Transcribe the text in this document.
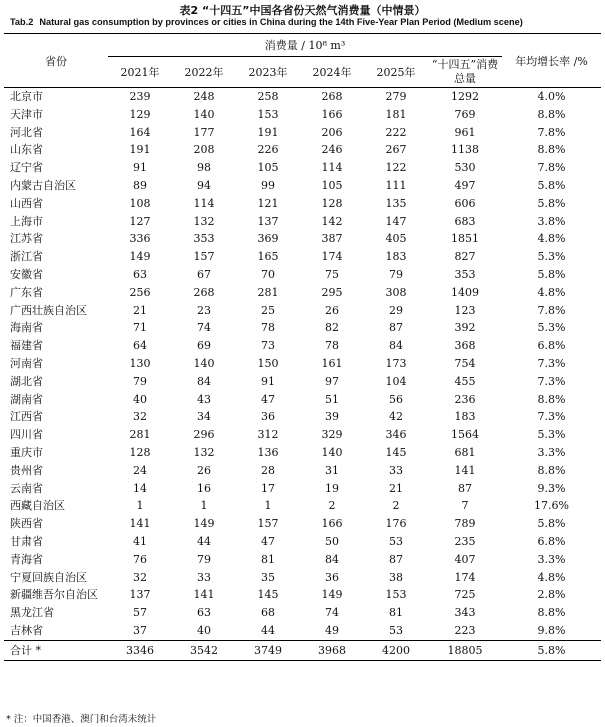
表2 “十四五”中国各省份天然气消费量（中情景）
Tab.2 Natural gas consumption by provinces or cities in China during the 14th Five-Year Plan Period (Medium scene)
省份	消费量 / 10⁸ m³						年均增长率 /%
	2021年	2022年	2023年	2024年	2025年	“十四五”消费总量	
北京市	239	248	258	268	279	1292	4.0%
天津市	129	140	153	166	181	769	8.8%
河北省	164	177	191	206	222	961	7.8%
山东省	191	208	226	246	267	1138	8.8%
辽宁省	91	98	105	114	122	530	7.8%
内蒙古自治区	89	94	99	105	111	497	5.8%
山西省	108	114	121	128	135	606	5.8%
上海市	127	132	137	142	147	683	3.8%
江苏省	336	353	369	387	405	1851	4.8%
浙江省	149	157	165	174	183	827	5.3%
安徽省	63	67	70	75	79	353	5.8%
广东省	256	268	281	295	308	1409	4.8%
广西壮族自治区	21	23	25	26	29	123	7.8%
海南省	71	74	78	82	87	392	5.3%
福建省	64	69	73	78	84	368	6.8%
河南省	130	140	150	161	173	754	7.3%
湖北省	79	84	91	97	104	455	7.3%
湖南省	40	43	47	51	56	236	8.8%
江西省	32	34	36	39	42	183	7.3%
四川省	281	296	312	329	346	1564	5.3%
重庆市	128	132	136	140	145	681	3.3%
贵州省	24	26	28	31	33	141	8.8%
云南省	14	16	17	19	21	87	9.3%
西藏自治区	1	1	1	2	2	7	17.6%
陕西省	141	149	157	166	176	789	5.8%
甘肃省	41	44	47	50	53	235	6.8%
青海省	76	79	81	84	87	407	3.3%
宁夏回族自治区	32	33	35	36	38	174	4.8%
新疆维吾尔自治区	137	141	145	149	153	725	2.8%
黑龙江省	57	63	68	74	81	343	8.8%
吉林省	37	40	44	49	53	223	9.8%
合计 *	3346	3542	3749	3968	4200	18805	5.8%
* 注：中国香港、澳门和台湾未统计
